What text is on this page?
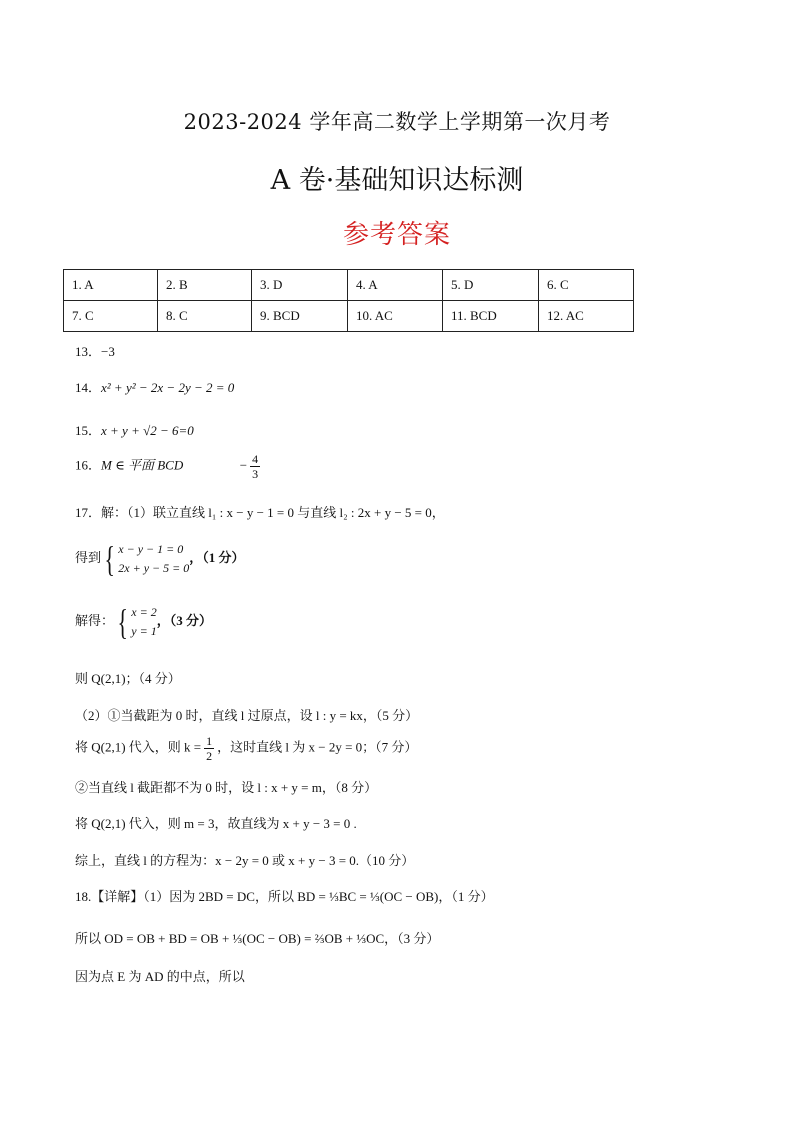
2023-2024 学年高二数学上学期第一次月考
A 卷·基础知识达标测
参考答案
1. A	2. B	3. D	4. A	5. D	6. C
7. C	8. C	9. BCD	10. AC	11. BCD	12. AC
13．−3
14．x² + y² − 2x − 2y − 2 = 0
15．x + y + √2 − 6=0
16．M ∈ 平面 BCD	− $\frac{4}{3}$
17．解：（1）联立直线 l₁ : x − y − 1 = 0 与直线 l₂ : 2x + y − 5 = 0，
得到{ x − y − 1 = 0
2x + y − 5 = 0，（1 分）
解得：{ x = 2
y = 1，（3 分）
则 Q(2,1)；（4 分）
（2）①当截距为 0 时，直线 l 过原点，设 l : y = kx，（5 分）
将 Q(2,1) 代入，则 $k = \frac{1}{2}$ ，这时直线 l 为 x − 2y = 0；（7 分）
②当直线 l 截距都不为 0 时，设 l : x + y = m，（8 分）
将 Q(2,1) 代入，则 m = 3，故直线为 x + y − 3 = 0 .
综上，直线 l 的方程为：x − 2y = 0 或 x + y − 3 = 0.（10 分）
18.【详解】（1）因为 2BD = DC，所以 BD = ⅓BC = ⅓(OC − OB)，（1 分）
所以 OD = OB + BD = OB + ⅓(OC − OB) = ⅔OB + ⅓OC，（3 分）
因为点 E 为 AD 的中点，所以
